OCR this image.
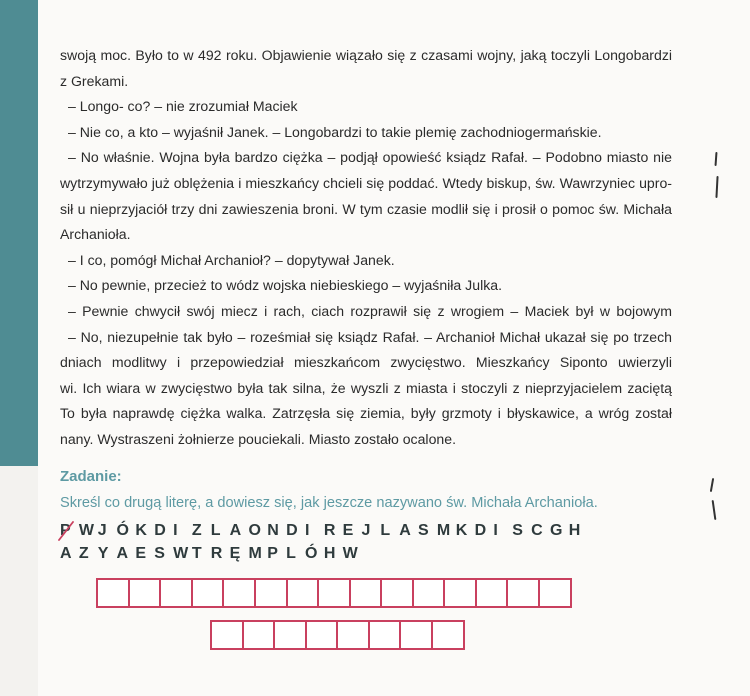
swoją moc. Było to w 492 roku. Objawienie wiązało się z czasami wojny, jaką toczyli Longobardzi
z Grekami.
– Longo- co? – nie zrozumiał Maciek
– Nie co, a kto – wyjaśnił Janek. – Longobardzi to takie plemię zachodniogermańskie.
– No właśnie. Wojna była bardzo ciężka – podjął opowieść ksiądz Rafał. – Podobno miasto nie
wytrzymywało już oblężenia i mieszkańcy chcieli się poddać. Wtedy biskup, św. Wawrzyniec upro-
sił u nieprzyjaciół trzy dni zawieszenia broni. W tym czasie modlił się i prosił o pomoc św. Michała
Archanioła.
– I co, pomógł Michał Archanioł? – dopytywał Janek.
– No pewnie, przecież to wódz wojska niebieskiego – wyjaśniła Julka.
– Pewnie chwycił swój miecz i rach, ciach rozprawił się z wrogiem – Maciek był w bojowym
– No, niezupełnie tak było – roześmiał się ksiądz Rafał. – Archanioł Michał ukazał się po trzech
dniach modlitwy i przepowiedział mieszkańcom zwycięstwo. Mieszkańcy Siponto uwierzyli
wi. Ich wiara w zwycięstwo była tak silna, że wyszli z miasta i stoczyli z nieprzyjacielem zaciętą
To była naprawdę ciężka walka. Zatrzęsła się ziemia, były grzmoty i błyskawice, a wróg został
nany. Wystraszeni żołnierze pouciekali. Miasto zostało ocalone.
Zadanie:
Skreśl co drugą literę, a dowiesz się, jak jeszcze nazywano św. Michała Archanioła.
P W J Ó K D I Z L A O N D I R E J L A S M K D I S C G H
A Z Y A E S W T R Ę M P L Ó H W
